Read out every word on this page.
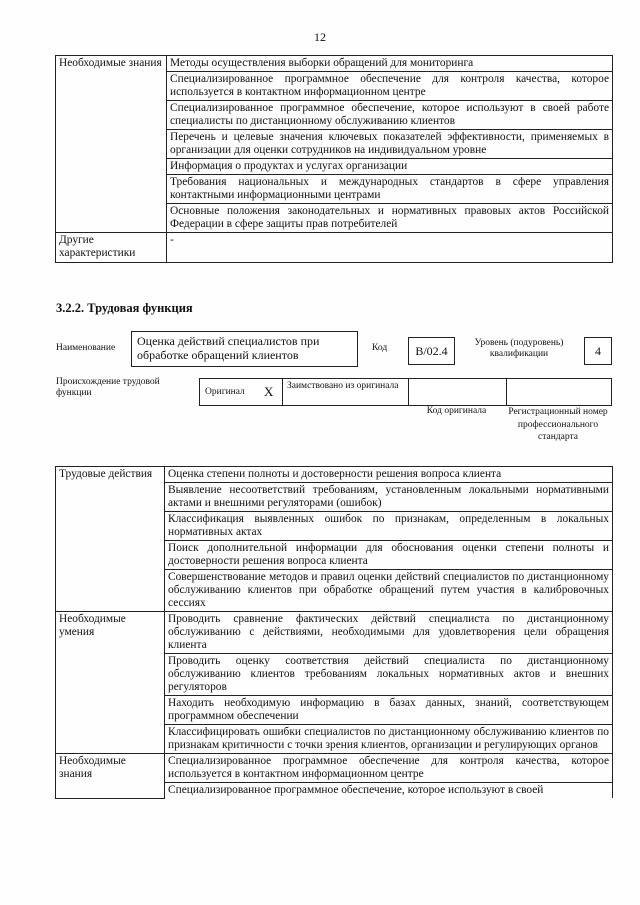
12
Необходимые знания	Методы осуществления выборки обращений для мониторинга
	Специализированное программное обеспечение для контроля качества, которое используется в контактном информационном центре
	Специализированное программное обеспечение, которое используют в своей работе специалисты по дистанционному обслуживанию клиентов
	Перечень и целевые значения ключевых показателей эффективности, применяемых в организации для оценки сотрудников на индивидуальном уровне
	Информация о продуктах и услугах организации
	Требования национальных и международных стандартов в сфере управления контактными информационными центрами
	Основные положения законодательных и нормативных правовых актов Российской Федерации в сфере защиты прав потребителей
Другие характеристики	-
3.2.2. Трудовая функция
Наименование	Оценка действий специалистов при обработке обращений клиентов	Код	B/02.4
Уровень (подуровень) квалификации	4
Происхождение трудовой функции	Оригинал X Заимствовано из оригинала
Код оригинала	Регистрационный номер профессионального стандарта
Трудовые действия	Оценка степени полноты и достоверности решения вопроса клиента
	Выявление несоответствий требованиям, установленным локальными нормативными актами и внешними регуляторами (ошибок)
	Классификация выявленных ошибок по признакам, определенным в локальных нормативных актах
	Поиск дополнительной информации для обоснования оценки степени полноты и достоверности решения вопроса клиента
	Совершенствование методов и правил оценки действий специалистов по дистанционному обслуживанию клиентов при обработке обращений путем участия в калибровочных сессиях
Необходимые умения	Проводить сравнение фактических действий специалиста по дистанционному обслуживанию с действиями, необходимыми для удовлетворения цели обращения клиента
	Проводить оценку соответствия действий специалиста по дистанционному обслуживанию клиентов требованиям локальных нормативных актов и внешних регуляторов
	Находить необходимую информацию в базах данных, знаний, соответствующем программном обеспечении
	Классифицировать ошибки специалистов по дистанционному обслуживанию клиентов по признакам критичности с точки зрения клиентов, организации и регулирующих органов
Необходимые знания	Специализированное программное обеспечение для контроля качества, которое используется в контактном информационном центре
	Специализированное программное обеспечение, которое используют в своей
